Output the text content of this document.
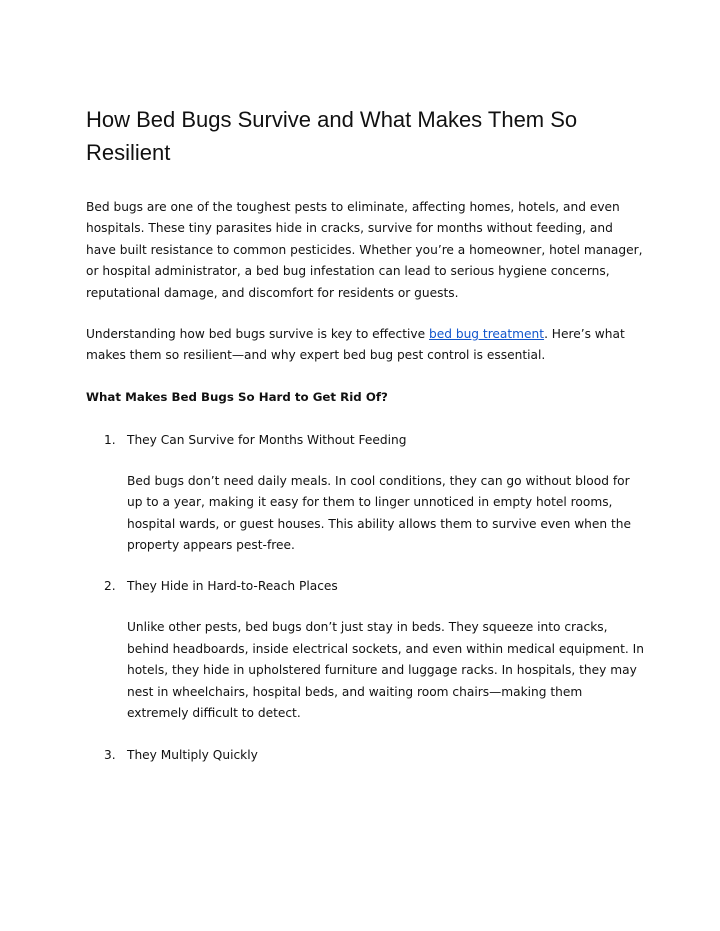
How Bed Bugs Survive and What Makes Them So Resilient

Bed bugs are one of the toughest pests to eliminate, affecting homes, hotels, and even hospitals. These tiny parasites hide in cracks, survive for months without feeding, and have built resistance to common pesticides. Whether you’re a homeowner, hotel manager, or hospital administrator, a bed bug infestation can lead to serious hygiene concerns, reputational damage, and discomfort for residents or guests.

Understanding how bed bugs survive is key to effective bed bug treatment. Here’s what makes them so resilient—and why expert bed bug pest control is essential.

What Makes Bed Bugs So Hard to Get Rid Of?
1. They Can Survive for Months Without Feeding

Bed bugs don’t need daily meals. In cool conditions, they can go without blood for up to a year, making it easy for them to linger unnoticed in empty hotel rooms, hospital wards, or guest houses. This ability allows them to survive even when the property appears pest-free.

2. They Hide in Hard-to-Reach Places

Unlike other pests, bed bugs don’t just stay in beds. They squeeze into cracks, behind headboards, inside electrical sockets, and even within medical equipment. In hotels, they hide in upholstered furniture and luggage racks. In hospitals, they may nest in wheelchairs, hospital beds, and waiting room chairs—making them extremely difficult to detect.

3. They Multiply Quickly
